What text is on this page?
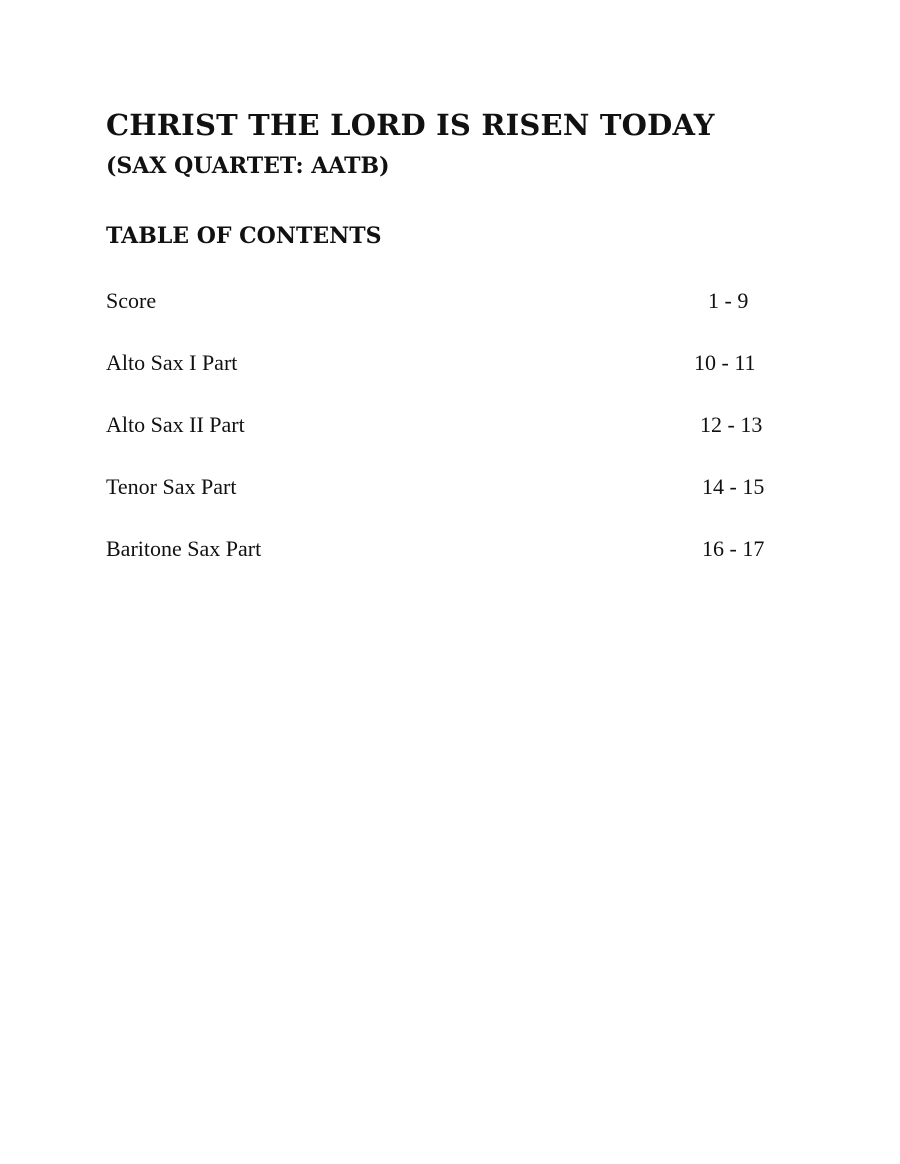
CHRIST THE LORD IS RISEN TODAY
(SAX QUARTET: AATB)
TABLE OF CONTENTS
Score	1 - 9
Alto Sax I Part	10 - 11
Alto Sax II Part	12 - 13
Tenor Sax Part	14 - 15
Baritone Sax Part	16 - 17
